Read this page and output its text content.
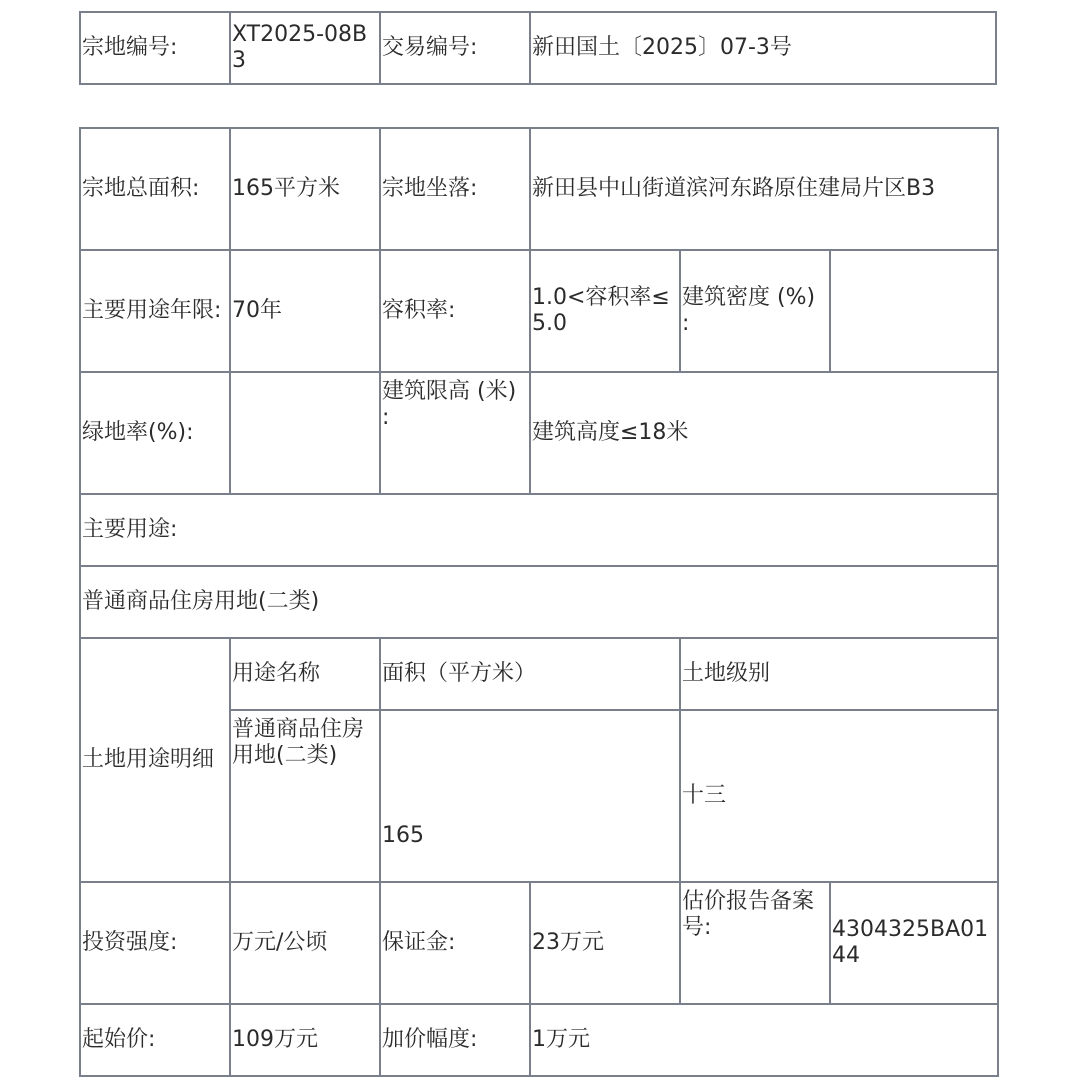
宗地编号:	XT2025-08B3	交易编号:	新田国土〔2025〕07-3号
宗地总面积:	165平方米	宗地坐落:	新田县中山街道滨河东路原住建局片区B3		
主要用途年限:	70年	容积率:	1.0<容积率≤5.0	建筑密度 (%) :	
绿地率(%):		建筑限高 (米) :	建筑高度≤18米		
主要用途:					
普通商品住房用地(二类)					
土地用途明细	用途名称	面积（平方米）		土地级别	
	普通商品住房用地(二类)	165		十三	
投资强度:	万元/公顷	保证金:	23万元	估价报告备案号:	4304325BA0144
起始价:	109万元	加价幅度:	1万元		
